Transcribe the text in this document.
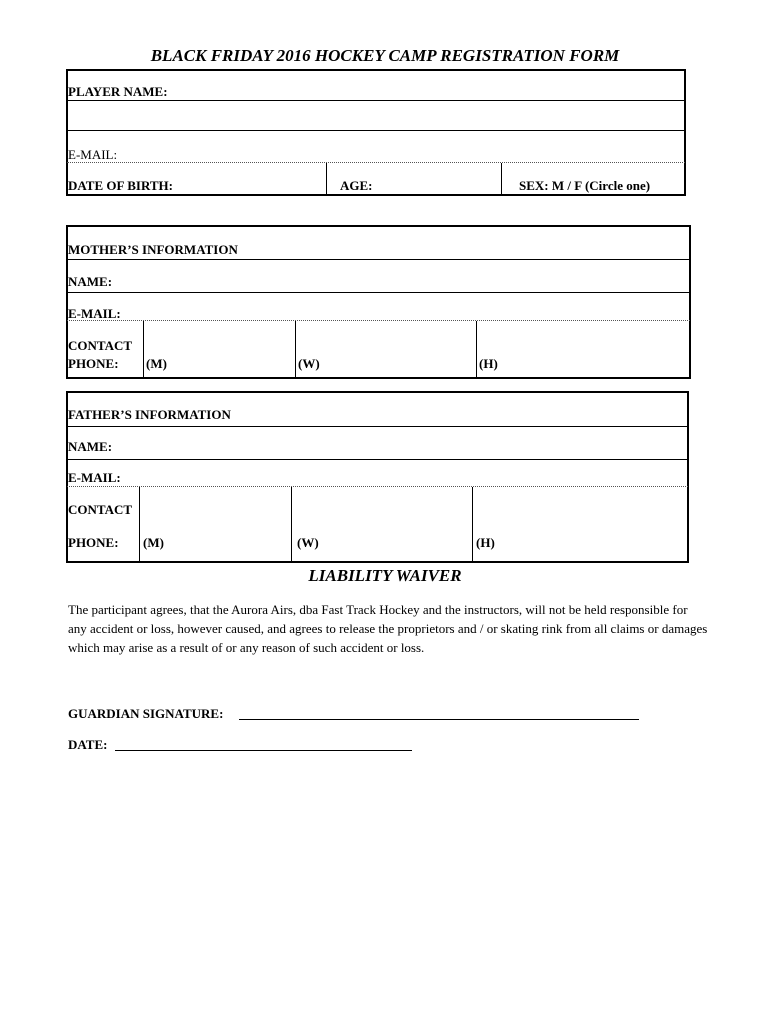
BLACK FRIDAY 2016 HOCKEY CAMP REGISTRATION FORM
PLAYER NAME:
E-MAIL:
DATE OF BIRTH:	AGE:	SEX: M / F (Circle one)
MOTHER’S INFORMATION
NAME:
E-MAIL:
CONTACT
PHONE: (M)	(W)	(H)
FATHER’S INFORMATION
NAME:
E-MAIL:
CONTACT
PHONE: (M)	(W)	(H)
LIABILITY WAIVER
The participant agrees, that the Aurora Airs, dba Fast Track Hockey and the instructors, will not be held responsible for any accident or loss, however caused, and agrees to release the proprietors and / or skating rink from all claims or damages which may arise as a result of or any reason of such accident or loss.
GUARDIAN SIGNATURE:
DATE:
